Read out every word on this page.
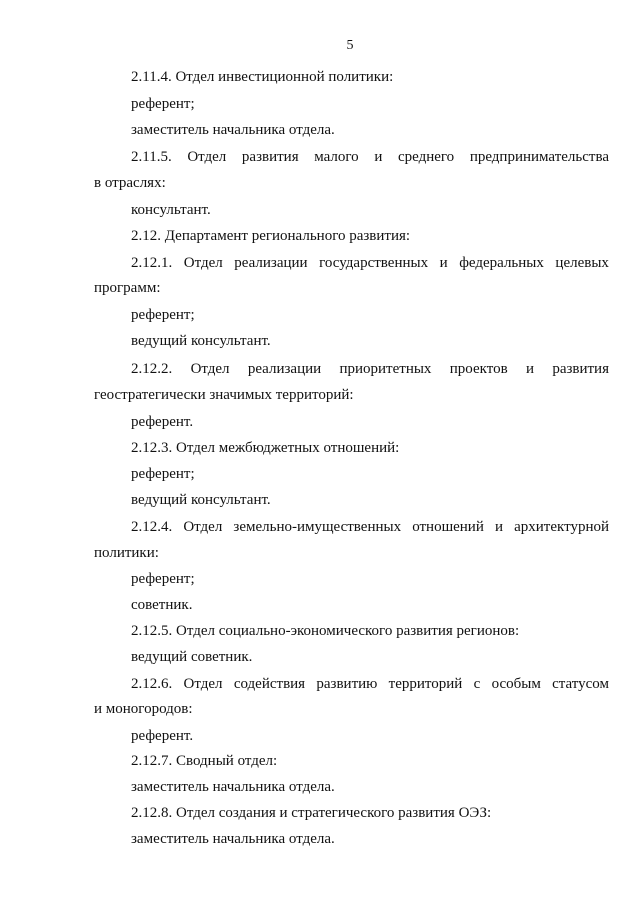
5
2.11.4. Отдел инвестиционной политики:
референт;
заместитель начальника отдела.
2.11.5. Отдел развития малого и среднего предпринимательства
в отраслях:
консультант.
2.12. Департамент регионального развития:
2.12.1. Отдел реализации государственных и федеральных целевых
программ:
референт;
ведущий консультант.
2.12.2. Отдел реализации приоритетных проектов и развития
геостратегически значимых территорий:
референт.
2.12.3. Отдел межбюджетных отношений:
референт;
ведущий консультант.
2.12.4. Отдел земельно-имущественных отношений и архитектурной
политики:
референт;
советник.
2.12.5. Отдел социально-экономического развития регионов:
ведущий советник.
2.12.6. Отдел содействия развитию территорий с особым статусом
и моногородов:
референт.
2.12.7. Сводный отдел:
заместитель начальника отдела.
2.12.8. Отдел создания и стратегического развития ОЭЗ:
заместитель начальника отдела.
